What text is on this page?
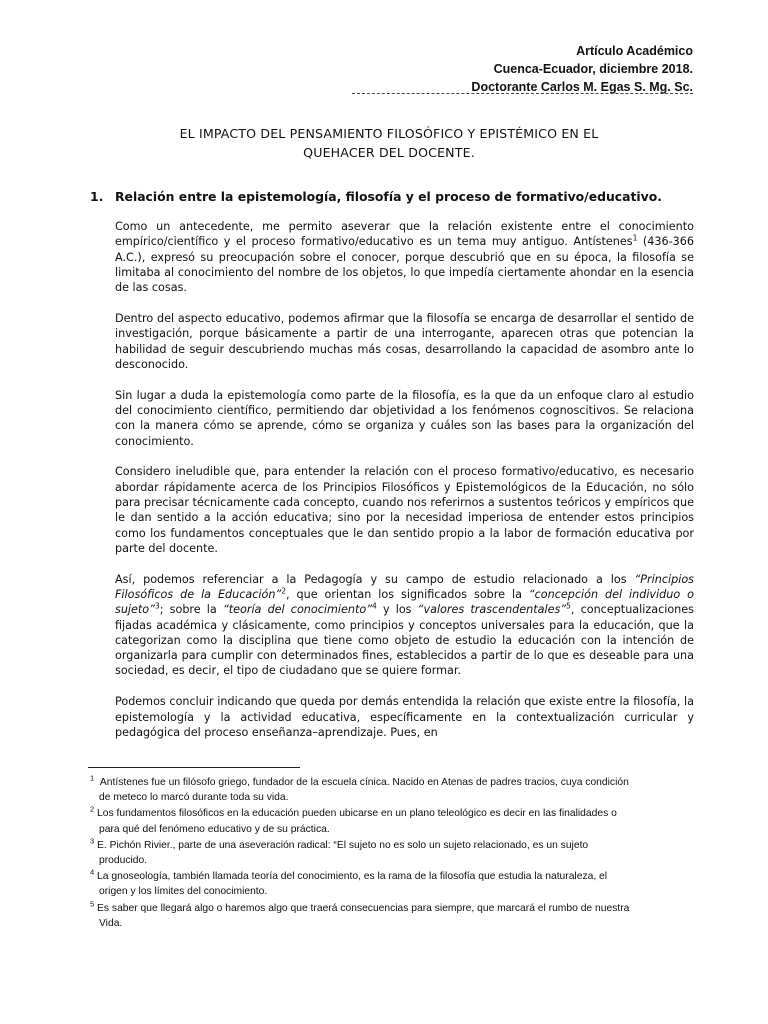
Artículo Académico
Cuenca-Ecuador, diciembre 2018.
Doctorante Carlos M. Egas S. Mg. Sc.
EL IMPACTO DEL PENSAMIENTO FILOSÓFICO Y EPISTÉMICO EN EL
QUEHACER DEL DOCENTE.
1. Relación entre la epistemología, filosofía y el proceso de formativo/educativo.

Como un antecedente, me permito aseverar que la relación existente entre el conocimiento empírico/científico y el proceso formativo/educativo es un tema muy antiguo. Antístenes$^1$ (436-366 A.C.), expresó su preocupación sobre el conocer, porque descubrió que en su época, la filosofía se limitaba al conocimiento del nombre de los objetos, lo que impedía ciertamente ahondar en la esencia de las cosas.

Dentro del aspecto educativo, podemos afirmar que la filosofía se encarga de desarrollar el sentido de investigación, porque básicamente a partir de una interrogante, aparecen otras que potencian la habilidad de seguir descubriendo muchas más cosas, desarrollando la capacidad de asombro ante lo desconocido.

Sin lugar a duda la epistemología como parte de la filosofía, es la que da un enfoque claro al estudio del conocimiento científico, permitiendo dar objetividad a los fenómenos cognoscitivos. Se relaciona con la manera cómo se aprende, cómo se organiza y cuáles son las bases para la organización del conocimiento.

Considero ineludible que, para entender la relación con el proceso formativo/educativo, es necesario abordar rápidamente acerca de los Principios Filosóficos y Epistemológicos de la Educación, no sólo para precisar técnicamente cada concepto, cuando nos referirnos a sustentos teóricos y empíricos que le dan sentido a la acción educativa; sino por la necesidad imperiosa de entender estos principios como los fundamentos conceptuales que le dan sentido propio a la labor de formación educativa por parte del docente.

Así, podemos referenciar a la Pedagogía y su campo de estudio relacionado a los “Principios Filosóficos de la Educación”$^2$, que orientan los significados sobre la “concepción del individuo o sujeto”$^3$; sobre la “teoría del conocimiento”$^4$ y los “valores trascendentales”$^5$, conceptualizaciones fijadas académica y clásicamente, como principios y conceptos universales para la educación, que la categorizan como la disciplina que tiene como objeto de estudio la educación con la intención de organizarla para cumplir con determinados fines, establecidos a partir de lo que es deseable para una sociedad, es decir, el tipo de ciudadano que se quiere formar.

Podemos concluir indicando que queda por demás entendida la relación que existe entre la filosofía, la epistemología y la actividad educativa, específicamente en la contextualización curricular y pedagógica del proceso enseñanza–aprendizaje. Pues, en

$^1$ Antístenes fue un filósofo griego, fundador de la escuela cínica. Nacido en Atenas de padres tracios, cuya condición
de meteco lo marcó durante toda su vida.
$^2$ Los fundamentos filosóficos en la educación pueden ubicarse en un plano teleológico es decir en las finalidades o
para qué del fenómeno educativo y de su práctica.
$^3$ E. Pichón Rivier., parte de una aseveración radical: “El sujeto no es solo un sujeto relacionado, es un sujeto
producido.
$^4$ La gnoseología, también llamada teoría del conocimiento, es la rama de la filosofía que estudia la naturaleza, el
origen y los límites del conocimiento.
$^5$ Es saber que llegará algo o haremos algo que traerá consecuencias para siempre, que marcará el rumbo de nuestra
Vida.
